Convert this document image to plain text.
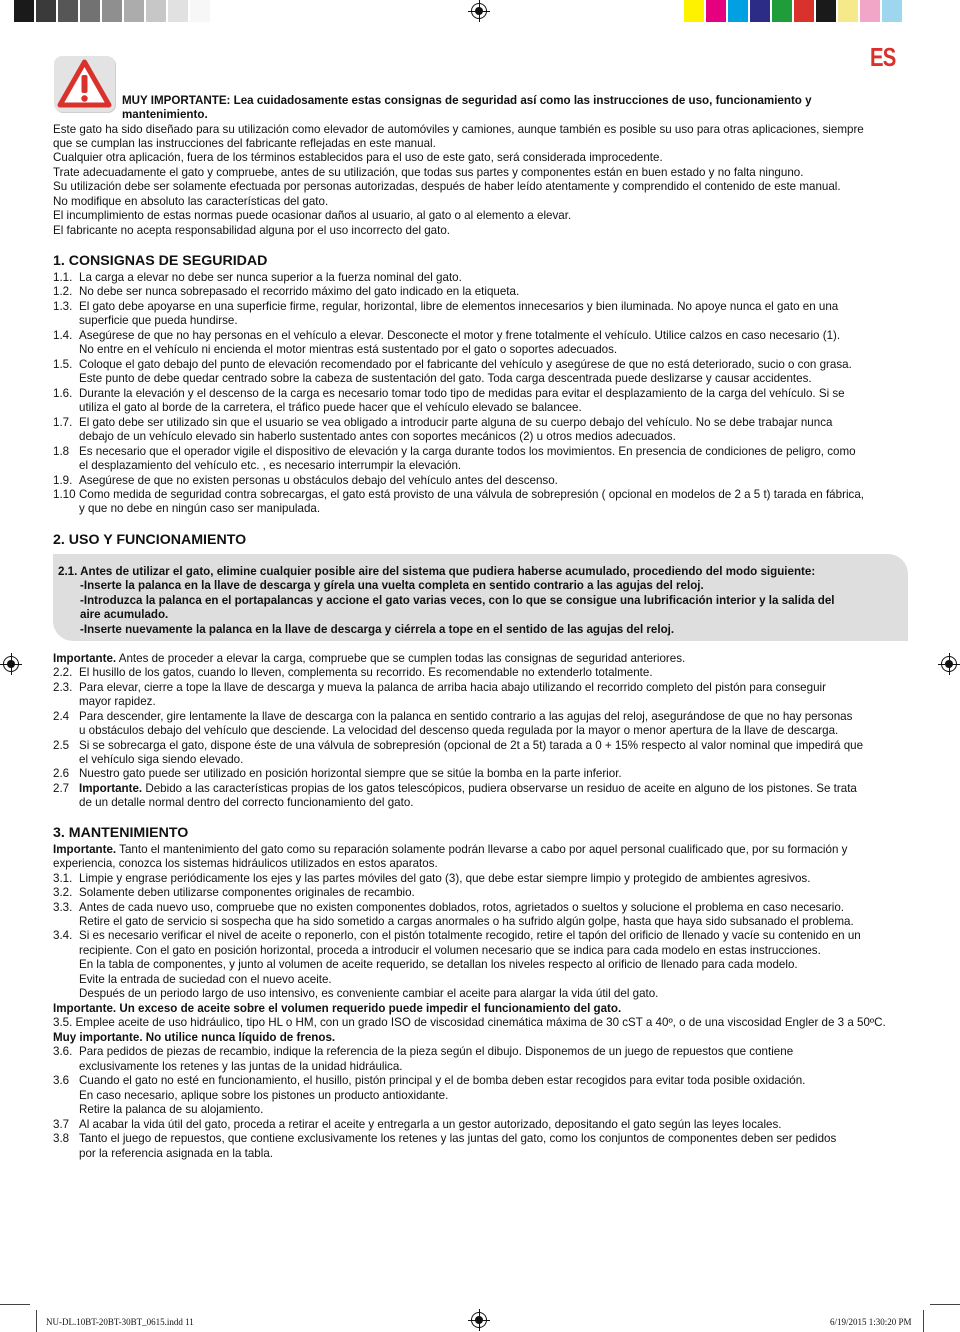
ES
MUY IMPORTANTE: Lea cuidadosamente estas consignas de seguridad así como las instrucciones de uso, funcionamiento y
mantenimiento.
Este gato ha sido diseñado para su utilización como elevador de automóviles y camiones, aunque también es posible su uso para otras aplicaciones, siempre
que se cumplan las instrucciones del fabricante reflejadas en este manual.
Cualquier otra aplicación, fuera de los términos establecidos para el uso de este gato, será considerada improcedente.
Trate adecuadamente el gato y compruebe, antes de su utilización, que todas sus partes y componentes están en buen estado y no falta ninguno.
Su utilización debe ser solamente efectuada por personas autorizadas, después de haber leído atentamente y comprendido el contenido de este manual.
No modifique en absoluto las características del gato.
El incumplimiento de estas normas puede ocasionar daños al usuario, al gato o al elemento a elevar.
El fabricante no acepta responsabilidad alguna por el uso incorrecto del gato.
1. CONSIGNAS DE SEGURIDAD
1.1. La carga a elevar no debe ser nunca superior a la fuerza nominal del gato.
1.2. No debe ser nunca sobrepasado el recorrido máximo del gato indicado en la etiqueta.
1.3. El gato debe apoyarse en una superficie firme, regular, horizontal, libre de elementos innecesarios y bien iluminada. No apoye nunca el gato en una
superficie que pueda hundirse.
1.4. Asegúrese de que no hay personas en el vehículo a elevar. Desconecte el motor y frene totalmente el vehículo. Utilice calzos en caso necesario (1).
No entre en el vehículo ni encienda el motor mientras está sustentado por el gato o soportes adecuados.
1.5. Coloque el gato debajo del punto de elevación recomendado por el fabricante del vehículo y asegúrese de que no está deteriorado, sucio o con grasa.
Este punto de debe quedar centrado sobre la cabeza de sustentación del gato. Toda carga descentrada puede deslizarse y causar accidentes.
1.6. Durante la elevación y el descenso de la carga es necesario tomar todo tipo de medidas para evitar el desplazamiento de la carga del vehículo. Si se
utiliza el gato al borde de la carretera, el tráfico puede hacer que el vehículo elevado se balancee.
1.7. El gato debe ser utilizado sin que el usuario se vea obligado a introducir parte alguna de su cuerpo debajo del vehículo. No se debe trabajar nunca
debajo de un vehículo elevado sin haberlo sustentado antes con soportes mecánicos (2) u otros medios adecuados.
1.8 Es necesario que el operador vigile el dispositivo de elevación y la carga durante todos los movimientos. En presencia de condiciones de peligro, como
el desplazamiento del vehículo etc. , es necesario interrumpir la elevación.
1.9. Asegúrese de que no existen personas u obstáculos debajo del vehículo antes del descenso.
1.10 Como medida de seguridad contra sobrecargas, el gato está provisto de una válvula de sobrepresión ( opcional en modelos de 2 a 5 t) tarada en fábrica,
y que no debe en ningún caso ser manipulada.
2. USO Y FUNCIONAMIENTO
2.1. Antes de utilizar el gato, elimine cualquier posible aire del sistema que pudiera haberse acumulado, procediendo del modo siguiente:
-Inserte la palanca en la llave de descarga y gírela una vuelta completa en sentido contrario a las agujas del reloj.
-Introduzca la palanca en el portapalancas y accione el gato varias veces, con lo que se consigue una lubrificación interior y la salida del
aire acumulado.
-Inserte nuevamente la palanca en la llave de descarga y ciérrela a tope en el sentido de las agujas del reloj.
Importante. Antes de proceder a elevar la carga, compruebe que se cumplen todas las consignas de seguridad anteriores.
2.2. El husillo de los gatos, cuando lo lleven, complementa su recorrido. Es recomendable no extenderlo totalmente.
2.3. Para elevar, cierre a tope la llave de descarga y mueva la palanca de arriba hacia abajo utilizando el recorrido completo del pistón para conseguir
mayor rapidez.
2.4 Para descender, gire lentamente la llave de descarga con la palanca en sentido contrario a las agujas del reloj, asegurándose de que no hay personas
u obstáculos debajo del vehículo que desciende. La velocidad del descenso queda regulada por la mayor o menor apertura de la llave de descarga.
2.5 Si se sobrecarga el gato, dispone éste de una válvula de sobrepresión (opcional de 2t a 5t) tarada a 0 + 15% respecto al valor nominal que impedirá que
el vehículo siga siendo elevado.
2.6 Nuestro gato puede ser utilizado en posición horizontal siempre que se sitúe la bomba en la parte inferior.
2.7 Importante. Debido a las características propias de los gatos telescópicos, pudiera observarse un residuo de aceite en alguno de los pistones. Se trata
de un detalle normal dentro del correcto funcionamiento del gato.
3. MANTENIMIENTO
Importante. Tanto el mantenimiento del gato como su reparación solamente podrán llevarse a cabo por aquel personal cualificado que, por su formación y
experiencia, conozca los sistemas hidráulicos utilizados en estos aparatos.
3.1. Limpie y engrase periódicamente los ejes y las partes móviles del gato (3), que debe estar siempre limpio y protegido de ambientes agresivos.
3.2. Solamente deben utilizarse componentes originales de recambio.
3.3. Antes de cada nuevo uso, compruebe que no existen componentes doblados, rotos, agrietados o sueltos y solucione el problema en caso necesario.
Retire el gato de servicio si sospecha que ha sido sometido a cargas anormales o ha sufrido algún golpe, hasta que haya sido subsanado el problema.
3.4. Si es necesario verificar el nivel de aceite o reponerlo, con el pistón totalmente recogido, retire el tapón del orificio de llenado y vacíe su contenido en un
recipiente. Con el gato en posición horizontal, proceda a introducir el volumen necesario que se indica para cada modelo en estas instrucciones.
En la tabla de componentes, y junto al volumen de aceite requerido, se detallan los niveles respecto al orificio de llenado para cada modelo.
Evite la entrada de suciedad con el nuevo aceite.
Después de un periodo largo de uso intensivo, es conveniente cambiar el aceite para alargar la vida útil del gato.
Importante. Un exceso de aceite sobre el volumen requerido puede impedir el funcionamiento del gato.
3.5. Emplee aceite de uso hidráulico, tipo HL o HM, con un grado ISO de viscosidad cinemática máxima de 30 cST a 40º, o de una viscosidad Engler de 3 a 50ºC.
Muy importante. No utilice nunca líquido de frenos.
3.6. Para pedidos de piezas de recambio, indique la referencia de la pieza según el dibujo. Disponemos de un juego de repuestos que contiene
exclusivamente los retenes y las juntas de la unidad hidráulica.
3.6 Cuando el gato no esté en funcionamiento, el husillo, pistón principal y el de bomba deben estar recogidos para evitar toda posible oxidación.
En caso necesario, aplique sobre los pistones un producto antioxidante.
Retire la palanca de su alojamiento.
3.7 Al acabar la vida útil del gato, proceda a retirar el aceite y entregarla a un gestor autorizado, depositando el gato según las leyes locales.
3.8 Tanto el juego de repuestos, que contiene exclusivamente los retenes y las juntas del gato, como los conjuntos de componentes deben ser pedidos
por la referencia asignada en la tabla.
NU-DL.10BT-20BT-30BT_0615.indd 11	6/19/2015 1:30:20 PM
